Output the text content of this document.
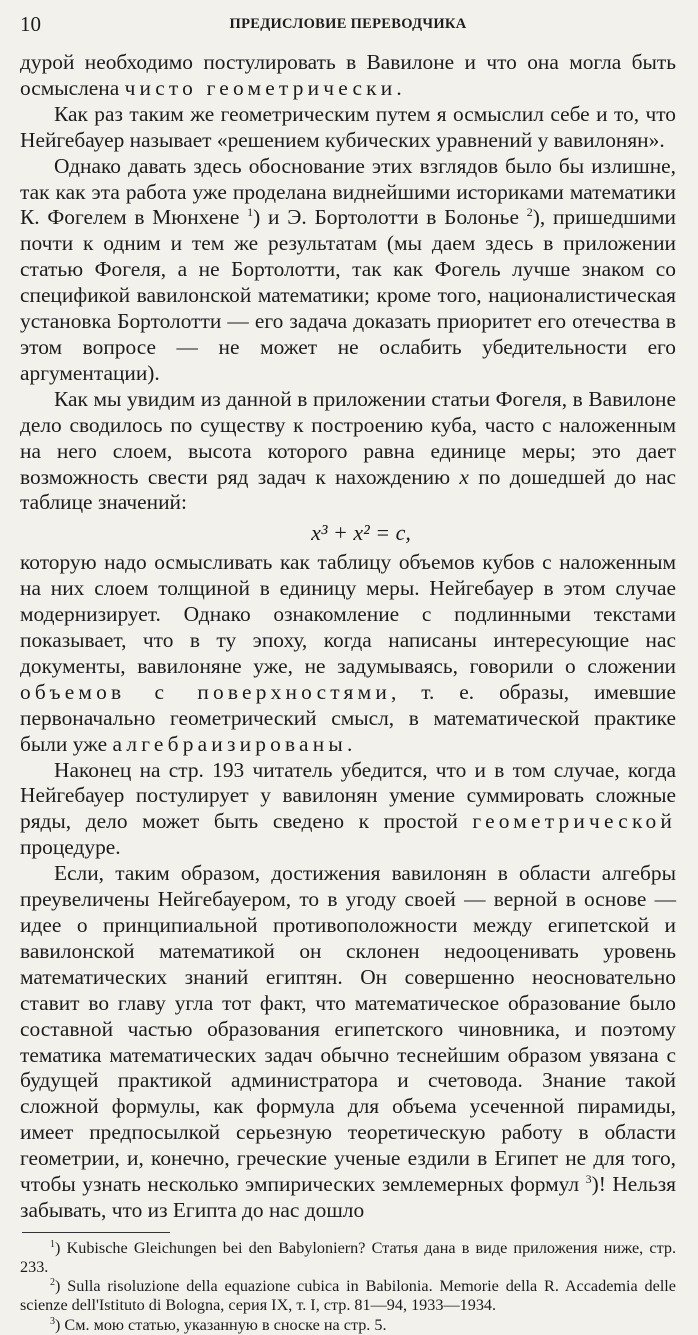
10	ПРЕДИСЛОВИЕ ПЕРЕВОДЧИКА

дурой необходимо постулировать в Вавилоне и что она могла быть осмыслена чисто геометрически.

Как раз таким же геометрическим путем я осмыслил себе и то, что Нейгебауер называет «решением кубических уравнений у вавилонян».

Однако давать здесь обоснование этих взглядов было бы излишне, так как эта работа уже проделана виднейшими историками математики К. Фогелем в Мюнхене $^1$) и Э. Бортолотти в Болонье $^2$), пришедшими почти к одним и тем же результатам (мы даем здесь в приложении статью Фогеля, а не Бортолотти, так как Фогель лучше знаком со спецификой вавилонской математики; кроме того, националистическая установка Бортолотти — его задача доказать приоритет его отечества в этом вопросе — не может не ослабить убедительности его аргументации).

Как мы увидим из данной в приложении статьи Фогеля, в Вавилоне дело сводилось по существу к построению куба, часто с наложенным на него слоем, высота которого равна единице меры; это дает возможность свести ряд задач к нахождению x по дошедшей до нас таблице значений:

x³ + x² = c,

которую надо осмысливать как таблицу объемов кубов с наложенным на них слоем толщиной в единицу меры. Нейгебауер в этом случае модернизирует. Однако ознакомление с подлинными текстами показывает, что в ту эпоху, когда написаны интересующие нас документы, вавилоняне уже, не задумываясь, говорили о сложении объемов с поверхностями, т. е. образы, имевшие первоначально геометрический смысл, в математической практике были уже алгебраизированы.

Наконец на стр. 193 читатель убедится, что и в том случае, когда Нейгебауер постулирует у вавилонян умение суммировать сложные ряды, дело может быть сведено к простой геометрической процедуре.

Если, таким образом, достижения вавилонян в области алгебры преувеличены Нейгебауером, то в угоду своей — верной в основе — идее о принципиальной противоположности между египетской и вавилонской математикой он склонен недооценивать уровень математических знаний египтян. Он совершенно неосновательно ставит во главу угла тот факт, что математическое образование было составной частью образования египетского чиновника, и поэтому тематика математических задач обычно теснейшим образом увязана с будущей практикой администратора и счетовода. Знание такой сложной формулы, как формула для объема усеченной пирамиды, имеет предпосылкой серьезную теоретическую работу в области геометрии, и, конечно, греческие ученые ездили в Египет не для того, чтобы узнать несколько эмпирических землемерных формул $^3$)! Нельзя забывать, что из Египта до нас дошло

$^1$) Kubische Gleichungen bei den Babyloniern? Статья дана в виде приложения ниже, стр. 233.

$^2$) Sulla risoluzione della equazione cubica in Babilonia. Memorie della R. Accademia delle scienze dell'Istituto di Bologna, серия IX, т. I, стр. 81—94, 1933—1934.

$^3$) См. мою статью, указанную в сноске на стр. 5.
